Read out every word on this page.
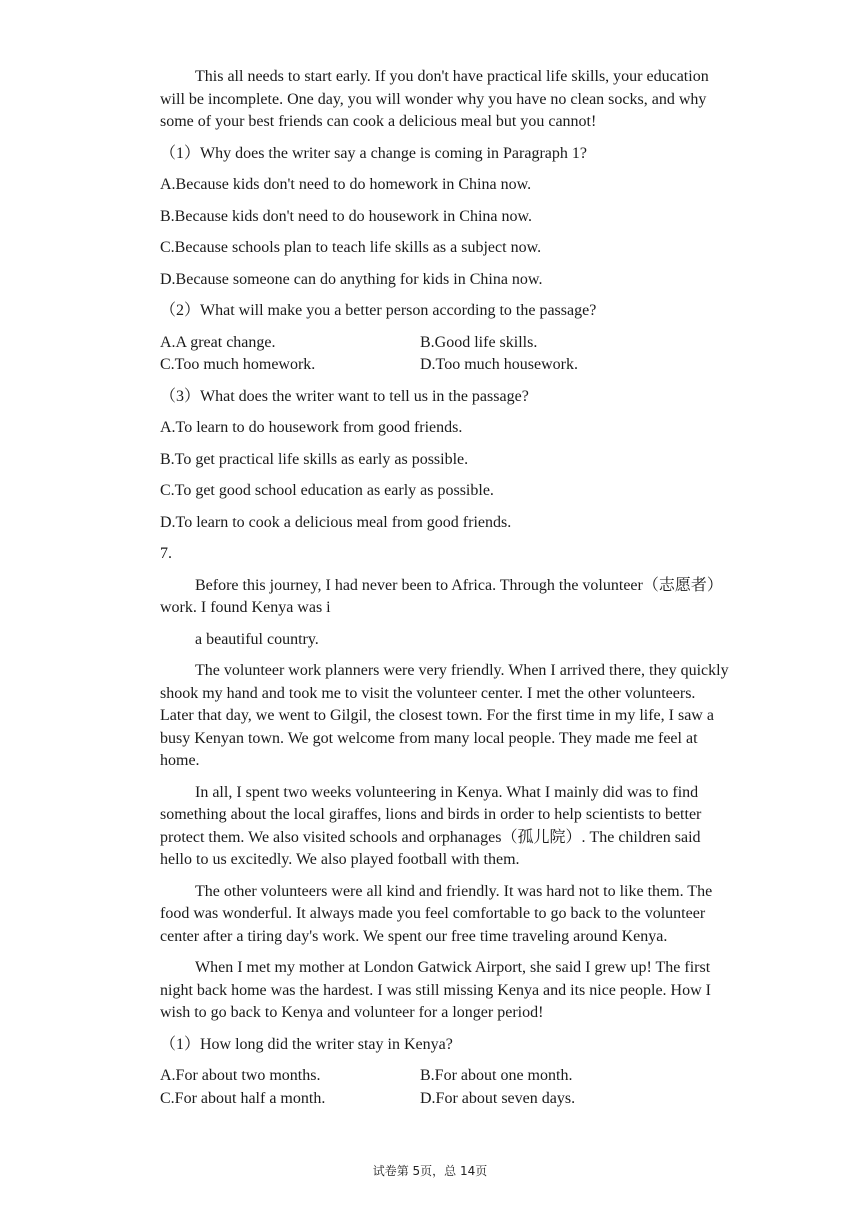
This all needs to start early. If you don't have practical life skills, your education will be incomplete. One day, you will wonder why you have no clean socks, and why some of your best friends can cook a delicious meal but you cannot!

（1）Why does the writer say a change is coming in Paragraph 1?

A.Because kids don't need to do homework in China now.

B.Because kids don't need to do housework in China now.

C.Because schools plan to teach life skills as a subject now.

D.Because someone can do anything for kids in China now.

（2）What will make you a better person according to the passage?

A.A great change.	B.Good life skills.
C.Too much homework.	D.Too much housework.

（3）What does the writer want to tell us in the passage?

A.To learn to do housework from good friends.

B.To get practical life skills as early as possible.

C.To get good school education as early as possible.

D.To learn to cook a delicious meal from good friends.

7.

Before this journey, I had never been to Africa. Through the volunteer（志愿者）work. I found Kenya was i

a beautiful country.

The volunteer work planners were very friendly. When I arrived there, they quickly shook my hand and took me to visit the volunteer center. I met the other volunteers. Later that day, we went to Gilgil, the closest town. For the first time in my life, I saw a busy Kenyan town. We got welcome from many local people. They made me feel at home.

In all, I spent two weeks volunteering in Kenya. What I mainly did was to find something about the local giraffes, lions and birds in order to help scientists to better protect them. We also visited schools and orphanages（孤儿院）. The children said hello to us excitedly. We also played football with them.

The other volunteers were all kind and friendly. It was hard not to like them. The food was wonderful. It always made you feel comfortable to go back to the volunteer center after a tiring day's work. We spent our free time traveling around Kenya.

When I met my mother at London Gatwick Airport, she said I grew up! The first night back home was the hardest. I was still missing Kenya and its nice people. How I wish to go back to Kenya and volunteer for a longer period!

（1）How long did the writer stay in Kenya?

A.For about two months.	B.For about one month.
C.For about half a month.	D.For about seven days.
试卷第 5页，总 14页
